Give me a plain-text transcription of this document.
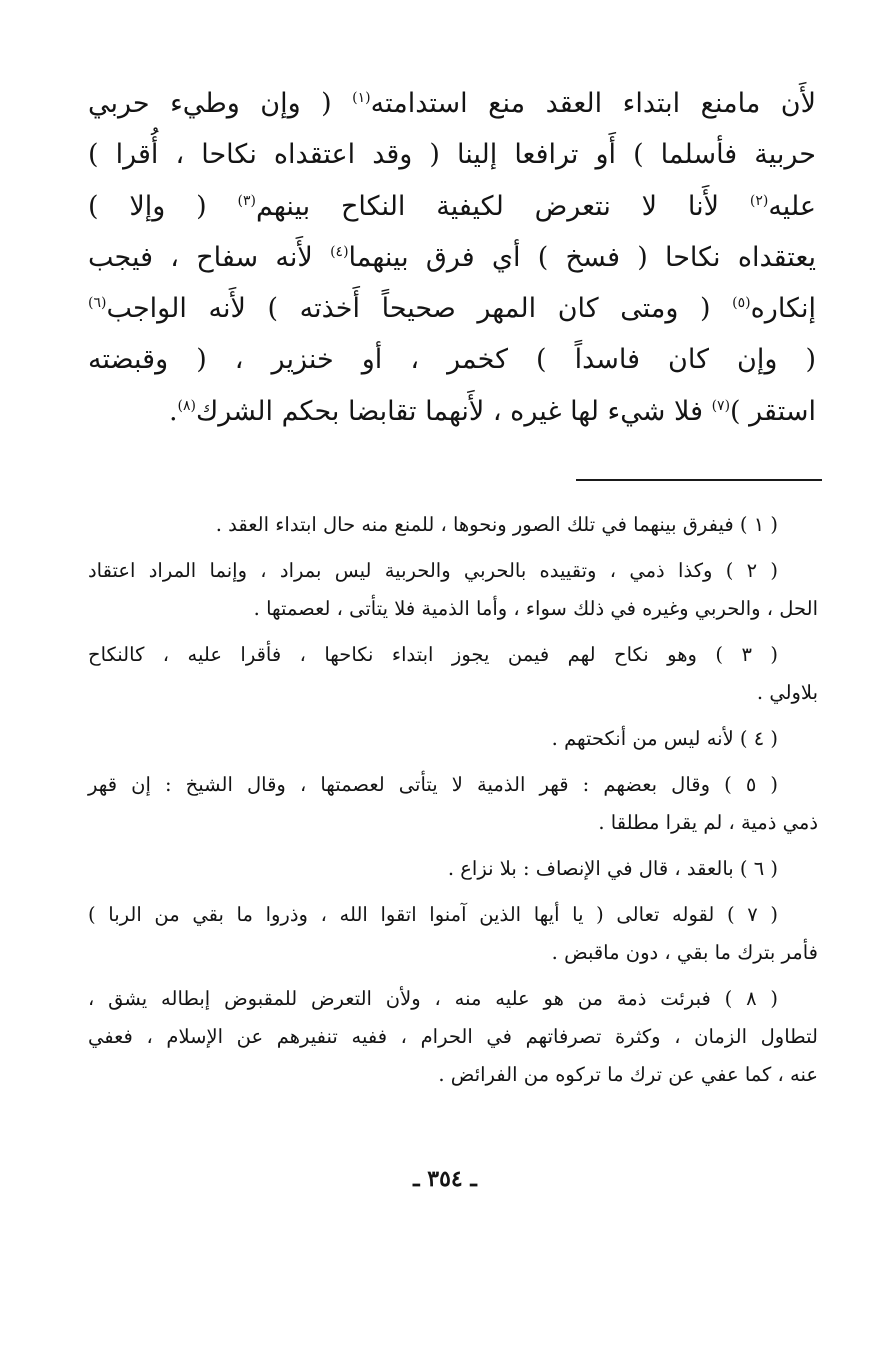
لأَن مامنع ابتداء العقد منع استدامته$^{(١)}$ ( وإن وطيء حربي
حربية فأسلما ) أَو ترافعا إلينا ( وقد اعتقداه نكاحا ، أُقرا )
عليه$^{(٢)}$ لأَنا لا نتعرض لكيفية النكاح بينهم$^{(٣)}$ ( وإلا )
يعتقداه نكاحا ( فسخ ) أي فرق بينهما$^{(٤)}$ لأَنه سفاح ، فيجب
إنكاره$^{(٥)}$ ( ومتى كان المهر صحيحاً أَخذته ) لأَنه الواجب$^{(٦)}$
( وإن كان فاسداً ) كخمر ، أو خنزير ، ( وقبضته
استقر )$^{(٧)}$ فلا شيء لها غيره ، لأَنهما تقابضا بحكم الشرك$^{(٨)}$.
( ١ ) فيفرق بينهما في تلك الصور ونحوها ، للمنع منه حال ابتداء العقد .
( ٢ ) وكذا ذمي ، وتقييده بالحربي والحربية ليس بمراد ، وإنما المراد اعتقاد
الحل ، والحربي وغيره في ذلك سواء ، وأما الذمية فلا يتأتى ، لعصمتها .
( ٣ ) وهو نكاح لهم فيمن يجوز ابتداء نكاحها ، فأقرا عليه ، كالنكاح
بلاولي .
( ٤ ) لأنه ليس من أنكحتهم .
( ٥ ) وقال بعضهم : قهر الذمية لا يتأتى لعصمتها ، وقال الشيخ : إن قهر
ذمي ذمية ، لم يقرا مطلقا .
( ٦ ) بالعقد ، قال في الإنصاف : بلا نزاع .
( ٧ ) لقوله تعالى ( يا أيها الذين آمنوا اتقوا الله ، وذروا ما بقي من الربا )
فأمر بترك ما بقي ، دون ماقبض .
( ٨ ) فبرئت ذمة من هو عليه منه ، ولأن التعرض للمقبوض إبطاله يشق ،
لتطاول الزمان ، وكثرة تصرفاتهم في الحرام ، ففيه تنفيرهم عن الإسلام ، فعفي
عنه ، كما عفي عن ترك ما تركوه من الفرائض .
ـ ٣٥٤ ـ
